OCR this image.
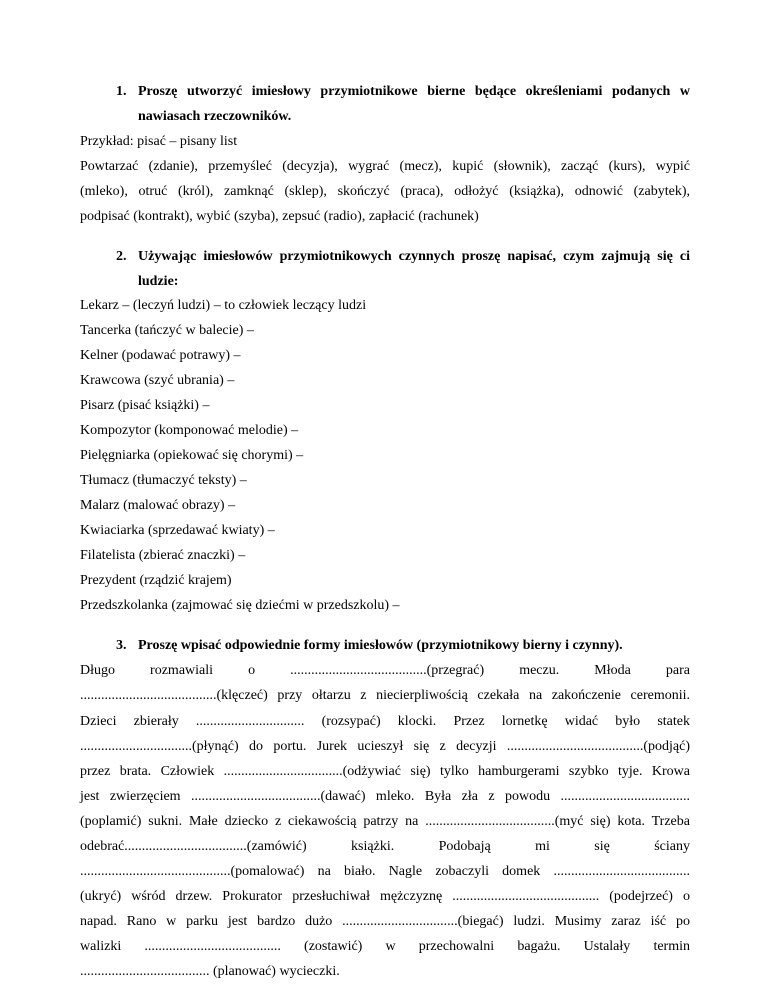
1. Proszę utworzyć imiesłowy przymiotnikowe bierne będące określeniami podanych w
nawiasach rzeczowników.
Przykład: pisać – pisany list
Powtarzać (zdanie), przemyśleć (decyzja), wygrać (mecz), kupić (słownik), zacząć (kurs), wypić
(mleko), otruć (król), zamknąć (sklep), skończyć (praca), odłożyć (książka), odnowić (zabytek),
podpisać (kontrakt), wybić (szyba), zepsuć (radio), zapłacić (rachunek)
2. Używając imiesłowów przymiotnikowych czynnych proszę napisać, czym zajmują się ci
ludzie:
Lekarz – (leczyń ludzi) – to człowiek leczący ludzi
Tancerka (tańczyć w balecie) –
Kelner (podawać potrawy) –
Krawcowa (szyć ubrania) –
Pisarz (pisać książki) –
Kompozytor (komponować melodie) –
Pielęgniarka (opiekować się chorymi) –
Tłumacz (tłumaczyć teksty) –
Malarz (malować obrazy) –
Kwiaciarka (sprzedawać kwiaty) –
Filatelista (zbierać znaczki) –
Prezydent (rządzić krajem)
Przedszkolanka (zajmować się dziećmi w przedszkolu) –
3. Proszę wpisać odpowiednie formy imiesłowów (przymiotnikowy bierny i czynny).
Długo rozmawiali o .......................................(przegrać) meczu. Młoda para
.......................................(klęczeć) przy ołtarzu z niecierpliwością czekała na zakończenie ceremonii.
Dzieci zbierały ............................... (rozsypać) klocki. Przez lornetkę widać było statek
................................(płynąć) do portu. Jurek ucieszył się z decyzji .......................................(podjąć)
przez brata. Człowiek ..................................(odżywiać się) tylko hamburgerami szybko tyje. Krowa
jest zwierzęciem .....................................(dawać) mleko. Była zła z powodu .....................................
(poplamić) sukni. Małe dziecko z ciekawością patrzy na .....................................(myć się) kota. Trzeba
odebrać...................................(zamówić) książki. Podobają mi się ściany
...........................................(pomalować) na biało. Nagle zobaczyli domek .......................................
(ukryć) wśród drzew. Prokurator przesłuchiwał mężczyznę .......................................... (podejrzeć) o
napad. Rano w parku jest bardzo dużo .................................(biegać) ludzi. Musimy zaraz iść po
walizki ....................................... (zostawić) w przechowalni bagażu. Ustalały termin
..................................... (planować) wycieczki.
